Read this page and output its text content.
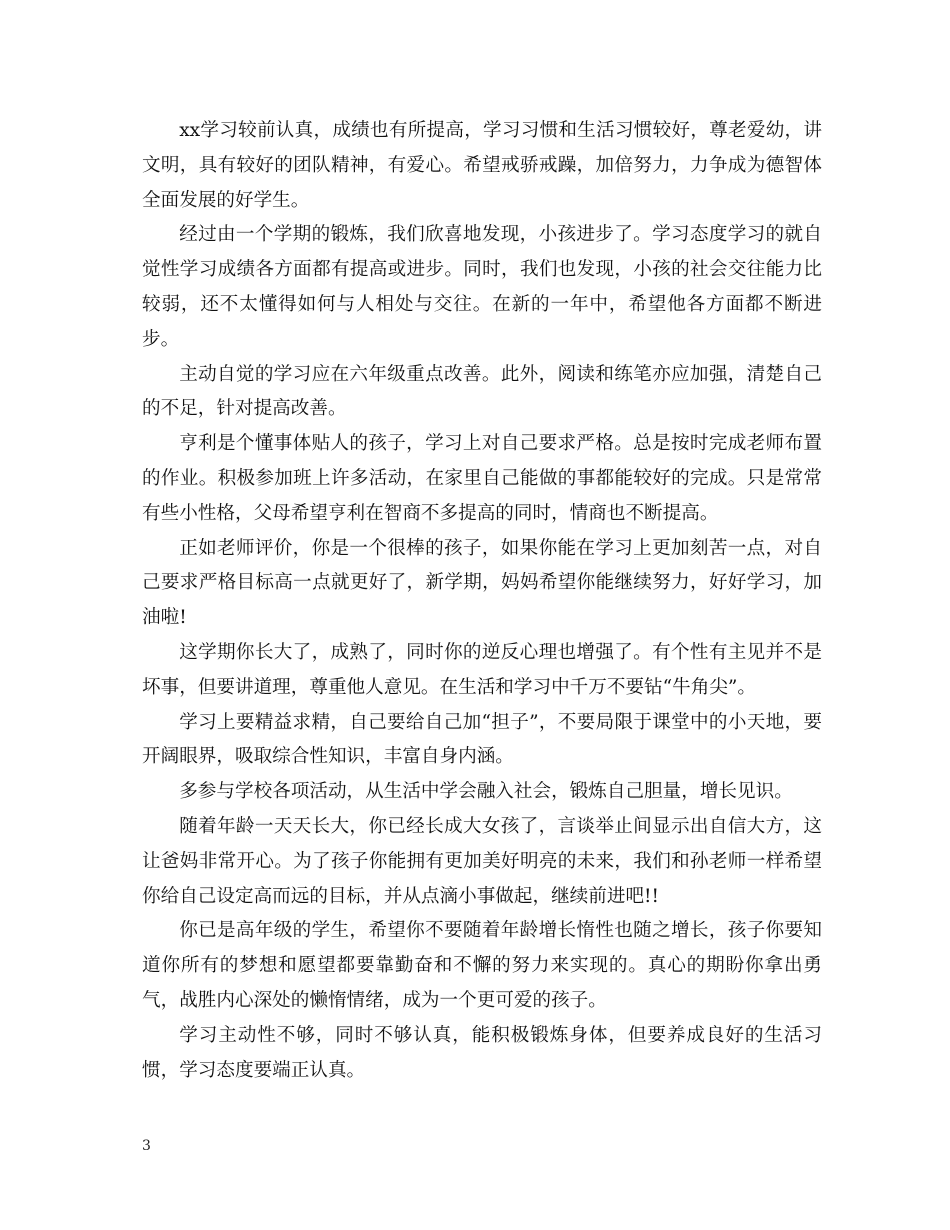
xx学习较前认真，成绩也有所提高，学习习惯和生活习惯较好，尊老爱幼，讲文明，具有较好的团队精神，有爱心。希望戒骄戒躁，加倍努力，力争成为德智体全面发展的好学生。

经过由一个学期的锻炼，我们欣喜地发现，小孩进步了。学习态度学习的就自觉性学习成绩各方面都有提高或进步。同时，我们也发现，小孩的社会交往能力比较弱，还不太懂得如何与人相处与交往。在新的一年中，希望他各方面都不断进步。

主动自觉的学习应在六年级重点改善。此外，阅读和练笔亦应加强，清楚自己的不足，针对提高改善。

亨利是个懂事体贴人的孩子，学习上对自己要求严格。总是按时完成老师布置的作业。积极参加班上许多活动，在家里自己能做的事都能较好的完成。只是常常有些小性格，父母希望亨利在智商不多提高的同时，情商也不断提高。

正如老师评价，你是一个很棒的孩子，如果你能在学习上更加刻苦一点，对自己要求严格目标高一点就更好了，新学期，妈妈希望你能继续努力，好好学习，加油啦!

这学期你长大了，成熟了，同时你的逆反心理也增强了。有个性有主见并不是坏事，但要讲道理，尊重他人意见。在生活和学习中千万不要钻“牛角尖”。

学习上要精益求精，自己要给自己加“担子”，不要局限于课堂中的小天地，要开阔眼界，吸取综合性知识，丰富自身内涵。

多参与学校各项活动，从生活中学会融入社会，锻炼自己胆量，增长见识。

随着年龄一天天长大，你已经长成大女孩了，言谈举止间显示出自信大方，这让爸妈非常开心。为了孩子你能拥有更加美好明亮的未来，我们和孙老师一样希望你给自己设定高而远的目标，并从点滴小事做起，继续前进吧!!

你已是高年级的学生，希望你不要随着年龄增长惰性也随之增长，孩子你要知道你所有的梦想和愿望都要靠勤奋和不懈的努力来实现的。真心的期盼你拿出勇气，战胜内心深处的懒惰情绪，成为一个更可爱的孩子。

学习主动性不够，同时不够认真，能积极锻炼身体，但要养成良好的生活习惯，学习态度要端正认真。

3
